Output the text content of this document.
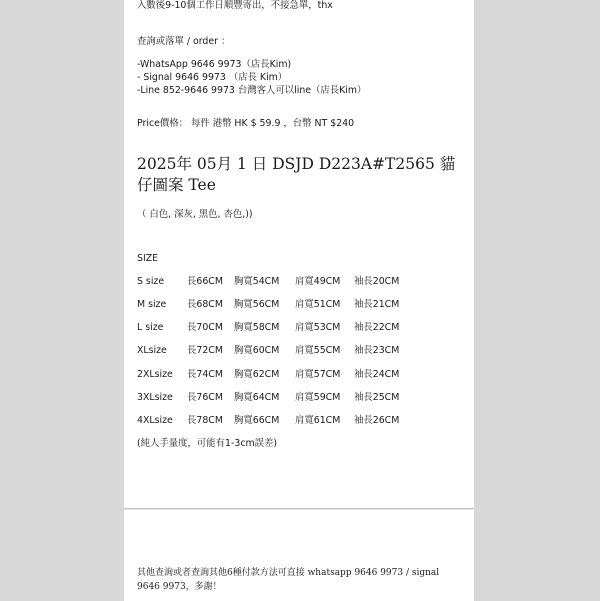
入數後9-10個工作日順豐寄出，不接急單，thx
查詢或落單 / order ：
-WhatsApp 9646 9973（店長Kim)
- Signal 9646 9973 （店長 Kim）
-Line 852-9646 9973 台灣客人可以line（店長Kim）
Price價格： 每件 港幣 HK $ 59.9 ，台幣 NT $240
2025年 05月 1 日 DSJD D223A#T2565 貓仔圖案 Tee
（ 白色, 深灰, 黑色, 杏色,))
SIZE
S size 長66CM 胸寬54CM 肩寬49CM 袖長20CM
M size 長68CM 胸寬56CM 肩寬51CM 袖長21CM
L size	長70CM 胸寬58CM 肩寬53CM 袖長22CM
XLsize 長72CM 胸寬60CM 肩寬55CM 袖長23CM
2XLsize 長74CM 胸寬62CM 肩寬57CM 袖長24CM
3XLsize 長76CM 胸寬64CM 肩寬59CM 袖長25CM
4XLsize 長78CM 胸寬66CM 肩寬61CM 袖長26CM
(純人手量度，可能有1-3cm誤差)
其他查詢或者查詢其他6種付款方法可直接 whatsapp 9646 9973 / signal 9646 9973，多謝！
